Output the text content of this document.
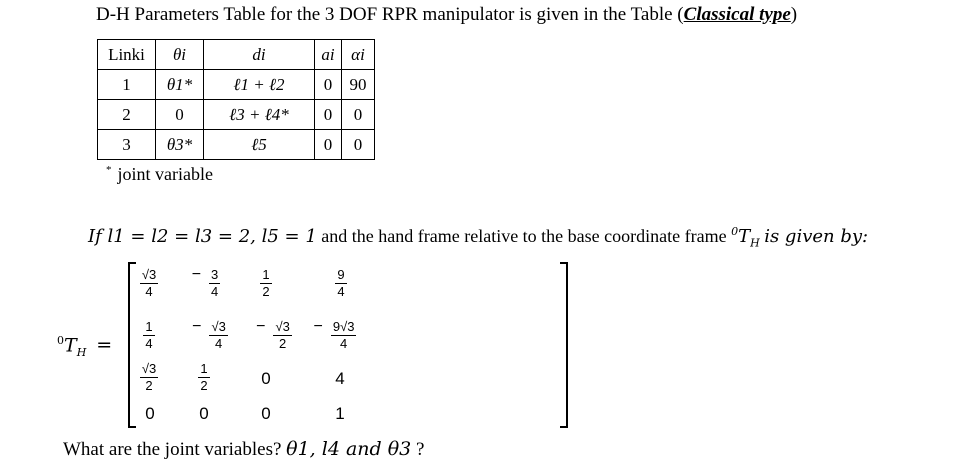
D-H Parameters Table for the 3 DOF RPR manipulator is given in the Table (Classical type)
Linki	θi	di	ai	αi
1	θ1*	ℓ1 + ℓ2	0	90
2	0	ℓ3 + ℓ4*	0	0
3	θ3*	ℓ5	0	0
* joint variable
If l1 = l2 = l3 = 2, l5 = 1 and the hand frame relative to the base coordinate frame $^0T_H$ is given by:
$^0T_H$ =
$\frac{√3}{4}$	− $\frac{3}{4}$	$\frac{1}{2}$	$\frac{9}{4}$
$\frac{1}{4}$	− $\frac{√3}{4}$	− $\frac{√3}{2}$	− $\frac{9√3}{4}$
$\frac{√3}{2}$	$\frac{1}{2}$	0	4
0	0	0	1
What are the joint variables? θ1, l4 and θ3 ?
